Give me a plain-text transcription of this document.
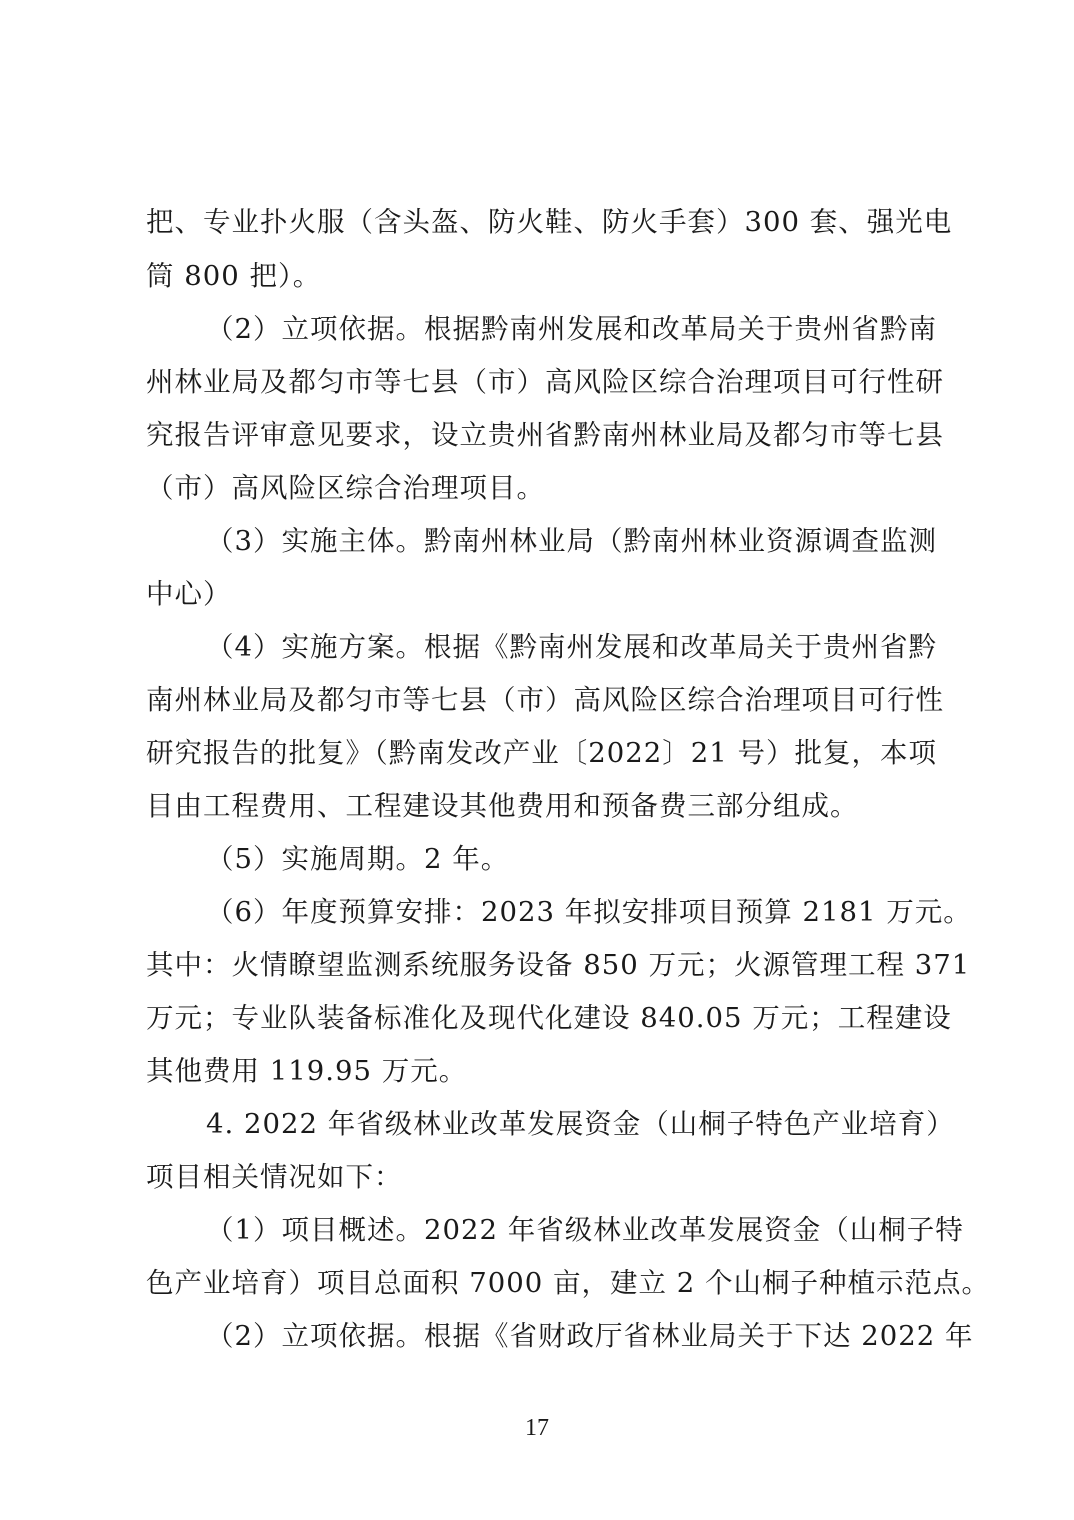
把、专业扑火服（含头盔、防火鞋、防火手套）300 套、强光电
筒 800 把）。
（2）立项依据。根据黔南州发展和改革局关于贵州省黔南
州林业局及都匀市等七县（市）高风险区综合治理项目可行性研
究报告评审意见要求，设立贵州省黔南州林业局及都匀市等七县
（市）高风险区综合治理项目。
（3）实施主体。黔南州林业局（黔南州林业资源调查监测
中心）
（4）实施方案。根据《黔南州发展和改革局关于贵州省黔
南州林业局及都匀市等七县（市）高风险区综合治理项目可行性
研究报告的批复》（黔南发改产业〔2022〕21 号）批复，本项
目由工程费用、工程建设其他费用和预备费三部分组成。
（5）实施周期。2 年。
（6）年度预算安排：2023 年拟安排项目预算 2181 万元。
其中：火情瞭望监测系统服务设备 850 万元；火源管理工程 371
万元；专业队装备标准化及现代化建设 840.05 万元；工程建设
其他费用 119.95 万元。
4. 2022 年省级林业改革发展资金（山桐子特色产业培育）
项目相关情况如下：
（1）项目概述。2022 年省级林业改革发展资金（山桐子特
色产业培育）项目总面积 7000 亩，建立 2 个山桐子种植示范点。
（2）立项依据。根据《省财政厅省林业局关于下达 2022 年
17
